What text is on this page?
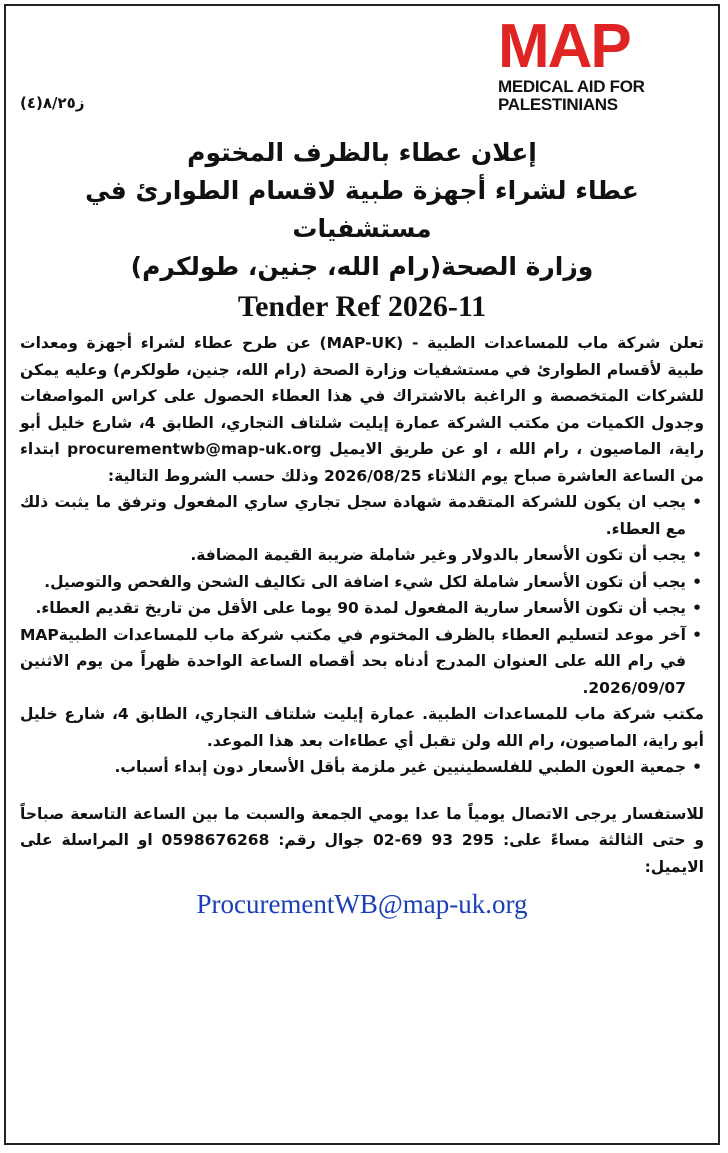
MAP
MEDICAL AID FOR
PALESTINIANS
ز٨/٢٥(٤)
إعلان عطاء بالظرف المختوم
عطاء لشراء أجهزة طبية لاقسام الطوارئ في مستشفيات
وزارة الصحة(رام الله، جنين، طولكرم)
Tender Ref 2026-11
تعلن شركة ماب للمساعدات الطبية - (MAP-UK) عن طرح عطاء لشراء أجهزة ومعدات طبية لأقسام الطوارئ في مستشفيات وزارة الصحة (رام الله، جنين، طولكرم) وعليه يمكن للشركات المتخصصة و الراغبة بالاشتراك في هذا العطاء الحصول على كراس المواصفات وجدول الكميات من مكتب الشركة عمارة إيليت شلتاف التجاري، الطابق 4، شارع خليل أبو راية، الماصيون ، رام الله ، او عن طريق الايميل procurementwb@map-uk.org ابتداء من الساعة العاشرة صباح يوم الثلاثاء 2026/08/25 وذلك حسب الشروط التالية:
• يجب ان يكون للشركة المتقدمة شهادة سجل تجاري ساري المفعول وترفق ما يثبت ذلك مع العطاء.
• يجب أن تكون الأسعار بالدولار وغير شاملة ضريبة القيمة المضافة.
• يجب أن تكون الأسعار شاملة لكل شيء اضافة الى تكاليف الشحن والفحص والتوصيل.
• يجب أن تكون الأسعار سارية المفعول لمدة 90 يوما على الأقل من تاريخ تقديم العطاء.
• آخر موعد لتسليم العطاء بالظرف المختوم في مكتب شركة ماب للمساعدات الطبيةMAP في رام الله على العنوان المدرج أدناه بحد أقصاه الساعة الواحدة ظهراً من يوم الاثنين 2026/09/07.
مكتب شركة ماب للمساعدات الطبية. عمارة إيليت شلتاف التجاري، الطابق 4، شارع خليل أبو راية، الماصيون، رام الله ولن تقبل أي عطاءات بعد هذا الموعد.
• جمعية العون الطبي للفلسطينيين غير ملزمة بأقل الأسعار دون إبداء أسباب.
للاستفسار يرجى الاتصال يومياً ما عدا يومي الجمعة والسبت ما بين الساعة التاسعة صباحاً و حتى الثالثة مساءً على: 295 93 69-02 جوال رقم: 0598676268 او المراسلة على الايميل:
ProcurementWB@map-uk.org
